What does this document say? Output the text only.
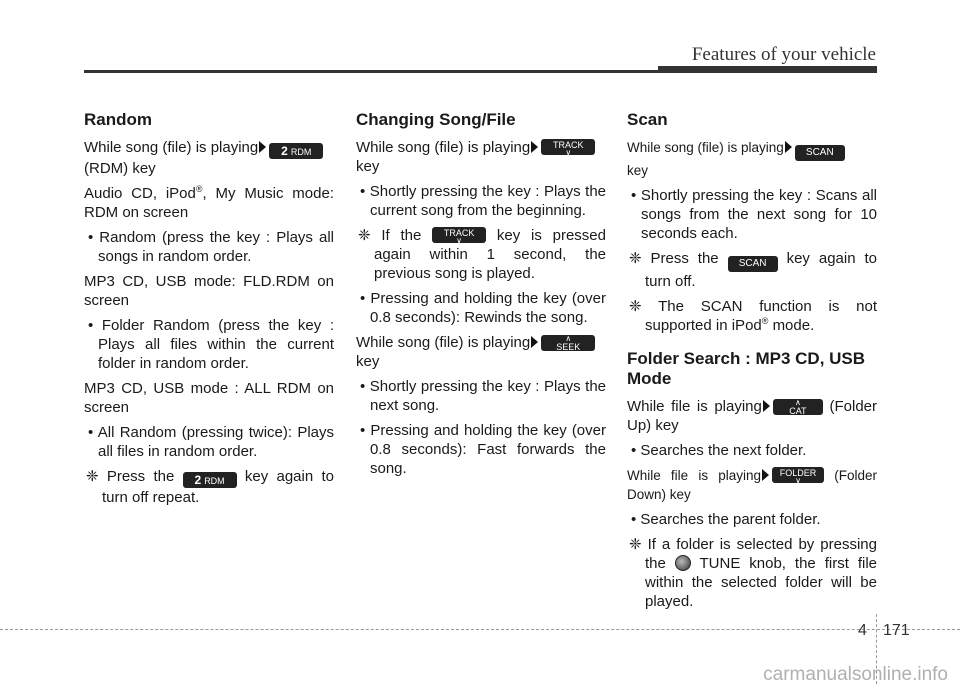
Features of your vehicle
Random

While song (file) is playing 2 RDM
(RDM) key

Audio CD, iPod®, My Music mode: RDM on screen

• Random (press the key : Plays all songs in random order.

MP3 CD, USB mode: FLD.RDM on screen

• Folder Random (press the key : Plays all files within the current folder in random order.

MP3 CD, USB mode : ALL RDM on screen

• All Random (pressing twice): Plays all files in random order.
❈ Press the 2 RDM key again to turn off repeat.
Changing Song/File

While song (file) is playing	TRACK
∨

key

• Shortly pressing the key : Plays the current song from the beginning.
❈ If the	TRACK
∨	key is pressed again within 1 second, the previous song is played.
• Pressing and holding the key (over 0.8 seconds): Rewinds the song.

While song (file) is playing	∧
SEEK
key

• Shortly pressing the key : Plays the next song.
• Pressing and holding the key (over 0.8 seconds): Fast forwards the song.
Scan

While song (file) is playing SCAN
key

• Shortly pressing the key : Scans all songs from the next song for 10 seconds each.
❈ Press the SCAN key again to turn off.
❈ The SCAN function is not supported in iPod® mode.
Folder Search : MP3 CD, USB Mode

While file is playing	∧
CAT (Folder Up) key

• Searches the next folder.

While file is playing FOLDER
∨	(Folder Down) key

• Searches the parent folder.
❈ If a folder is selected by pressing the TUNE knob, the first file within the selected folder will be played.
4 171
carmanualsonline.info
